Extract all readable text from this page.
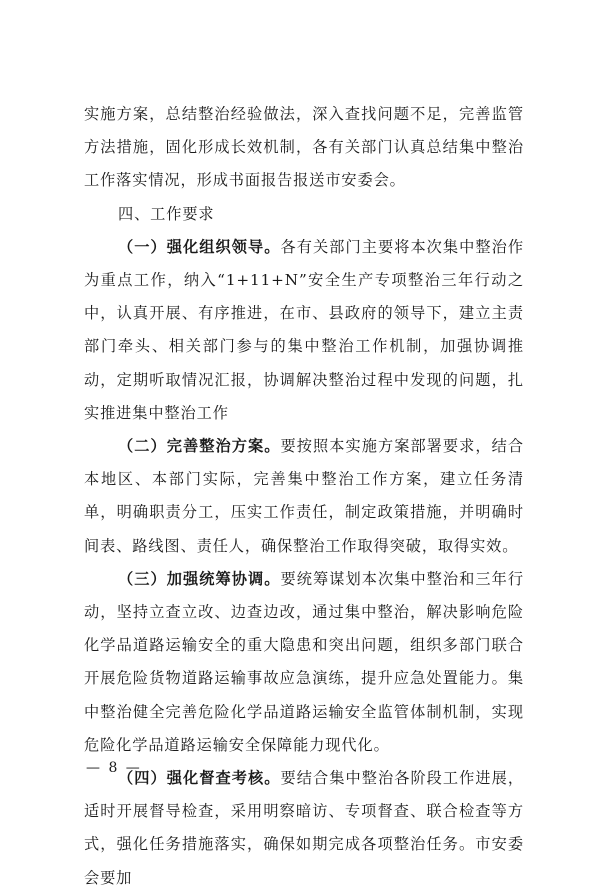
实施方案，总结整治经验做法，深入查找问题不足，完善监管方法措施，固化形成长效机制，各有关部门认真总结集中整治工作落实情况，形成书面报告报送市安委会。

四、工作要求

（一）强化组织领导。各有关部门主要将本次集中整治作为重点工作，纳入“1+11+N”安全生产专项整治三年行动之中，认真开展、有序推进，在市、县政府的领导下，建立主责部门牵头、相关部门参与的集中整治工作机制，加强协调推动，定期听取情况汇报，协调解决整治过程中发现的问题，扎实推进集中整治工作

（二）完善整治方案。要按照本实施方案部署要求，结合本地区、本部门实际，完善集中整治工作方案，建立任务清单，明确职责分工，压实工作责任，制定政策措施，并明确时间表、路线图、责任人，确保整治工作取得突破，取得实效。

（三）加强统筹协调。要统筹谋划本次集中整治和三年行动，坚持立查立改、边查边改，通过集中整治，解决影响危险化学品道路运输安全的重大隐患和突出问题，组织多部门联合开展危险货物道路运输事故应急演练，提升应急处置能力。集中整治健全完善危险化学品道路运输安全监管体制机制，实现危险化学品道路运输安全保障能力现代化。

（四）强化督查考核。要结合集中整治各阶段工作进展，适时开展督导检查，采用明察暗访、专项督查、联合检查等方式，强化任务措施落实，确保如期完成各项整治任务。市安委会要加

— 8 —
